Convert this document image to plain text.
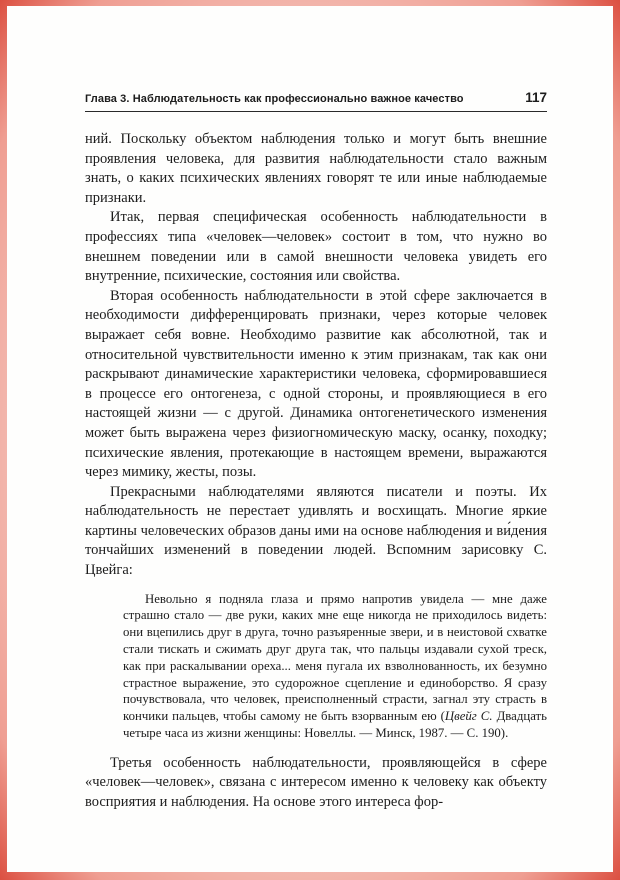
Глава 3. Наблюдательность как профессионально важное качество	117

ний. Поскольку объектом наблюдения только и могут быть внешние проявления человека, для развития наблюдательности стало важным знать, о каких психических явлениях говорят те или иные наблюдаемые признаки.

Итак, первая специфическая особенность наблюдательности в профессиях типа «человек—человек» состоит в том, что нужно во внешнем поведении или в самой внешности человека увидеть его внутренние, психические, состояния или свойства.

Вторая особенность наблюдательности в этой сфере заключается в необходимости дифференцировать признаки, через которые человек выражает себя вовне. Необходимо развитие как абсолютной, так и относительной чувствительности именно к этим признакам, так как они раскрывают динамические характеристики человека, сформировавшиеся в процессе его онтогенеза, с одной стороны, и проявляющиеся в его настоящей жизни — с другой. Динамика онтогенетического изменения может быть выражена через физиогномическую маску, осанку, походку; психические явления, протекающие в настоящем времени, выражаются через мимику, жесты, позы.

Прекрасными наблюдателями являются писатели и поэты. Их наблюдательность не перестает удивлять и восхищать. Многие яркие картины человеческих образов даны ими на основе наблюдения и ви́дения тончайших изменений в поведении людей. Вспомним зарисовку С. Цвейга:

Невольно я подняла глаза и прямо напротив увидела — мне даже страшно стало — две руки, каких мне еще никогда не приходилось видеть: они вцепились друг в друга, точно разъяренные звери, и в неистовой схватке стали тискать и сжимать друг друга так, что пальцы издавали сухой треск, как при раскалывании ореха... меня пугала их взволнованность, их безумно страстное выражение, это судорожное сцепление и единоборство. Я сразу почувствовала, что человек, преисполненный страсти, загнал эту страсть в кончики пальцев, чтобы самому не быть взорванным ею (Цвейг С. Двадцать четыре часа из жизни женщины: Новеллы. — Минск, 1987. — С. 190).

Третья особенность наблюдательности, проявляющейся в сфере «человек—человек», связана с интересом именно к человеку как объекту восприятия и наблюдения. На основе этого интереса фор-
